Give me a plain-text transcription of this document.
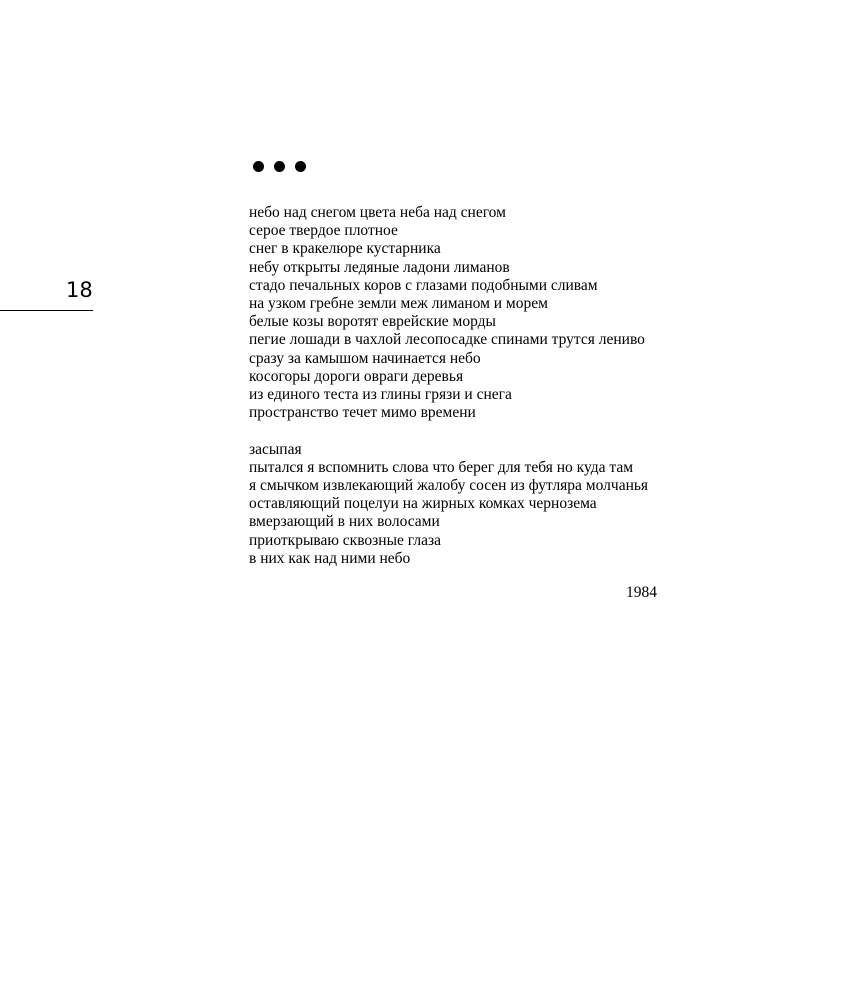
18
небо над снегом цвета неба над снегом
серое твердое плотное
снег в кракелюре кустарника
небу открыты ледяные ладони лиманов
стадо печальных коров с глазами подобными сливам
на узком гребне земли меж лиманом и морем
белые козы воротят еврейские морды
пегие лошади в чахлой лесопосадке спинами трутся лениво
сразу за камышом начинается небо
косогоры дороги овраги деревья
из единого теста из глины грязи и снега
пространство течет мимо времени
засыпая
пытался я вспомнить слова что берег для тебя но куда там
я смычком извлекающий жалобу сосен из футляра молчанья
оставляющий поцелуи на жирных комках чернозема
вмерзающий в них волосами
приоткрываю сквозные глаза
в них как над ними небо
1984
